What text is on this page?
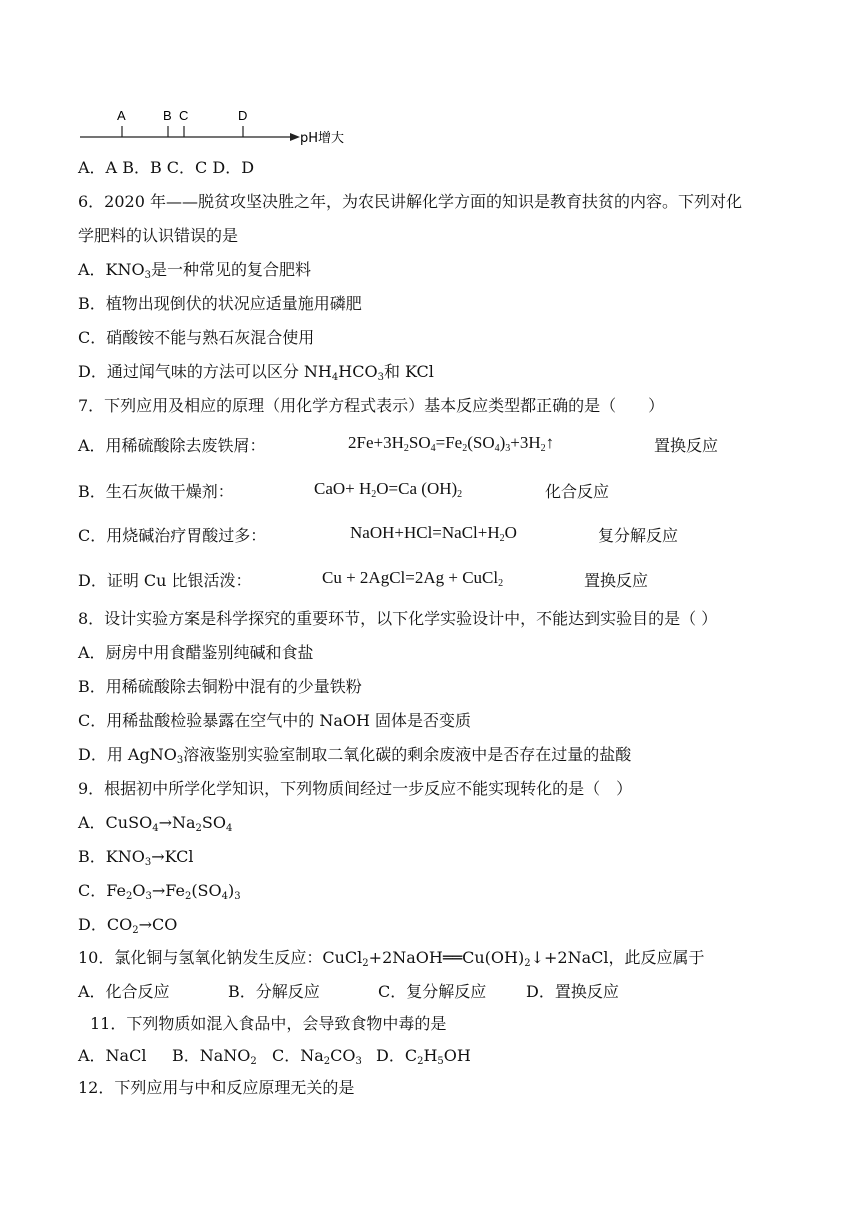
A	B C	D
pH增大
A．A B．B C．C D．D
6．2020 年——脱贫攻坚决胜之年，为农民讲解化学方面的知识是教育扶贫的内容。下列对化
学肥料的认识错误的是
A．$KNO_3$是一种常见的复合肥料
B．植物出现倒伏的状况应适量施用磷肥
C．硝酸铵不能与熟石灰混合使用
D．通过闻气味的方法可以区分 $NH_4HCO_3$和 KCl
7．下列应用及相应的原理（用化学方程式表示）基本反应类型都正确的是（　　）
A．用稀硫酸除去废铁屑：	$2Fe+3H_2SO_4=Fe_2(SO_4)_3+3H_2↑$	置换反应
B．生石灰做干燥剂：	$CaO+ H_2O=Ca$ $(OH)_2$	化合反应
C．用烧碱治疗胃酸过多：	$NaOH+HCl=NaCl+H_2O$	复分解反应
D．证明 Cu 比银活泼：	Cu + 2AgCl=2Ag + CuCl$_2$	置换反应
8．设计实验方案是科学探究的重要环节，以下化学实验设计中，不能达到实验目的是（ ）
A．厨房中用食醋鉴别纯碱和食盐
B．用稀硫酸除去铜粉中混有的少量铁粉
C．用稀盐酸检验暴露在空气中的 NaOH 固体是否变质
D．用 AgNO$_3$溶液鉴别实验室制取二氧化碳的剩余废液中是否存在过量的盐酸
9．根据初中所学化学知识，下列物质间经过一步反应不能实现转化的是（　）
A．$CuSO_4\to Na_2SO_4$
B．$KNO_3\to KCl$
C．$Fe_2O_3\to Fe_2(SO_4)_3$
D．$CO_2\to CO$
10．氯化铜与氢氧化钠发生反应：$CuCl_2+2NaOH══Cu(OH)_2↓+2NaCl$，此反应属于
A．化合反应	B．分解反应	C．复分解反应 D．置换反应
11．下列物质如混入食品中，会导致食物中毒的是
A．NaCl B．NaNO$_2$ C．$Na_2CO_3$ D．$C_2H_5OH$
12．下列应用与中和反应原理无关的是
